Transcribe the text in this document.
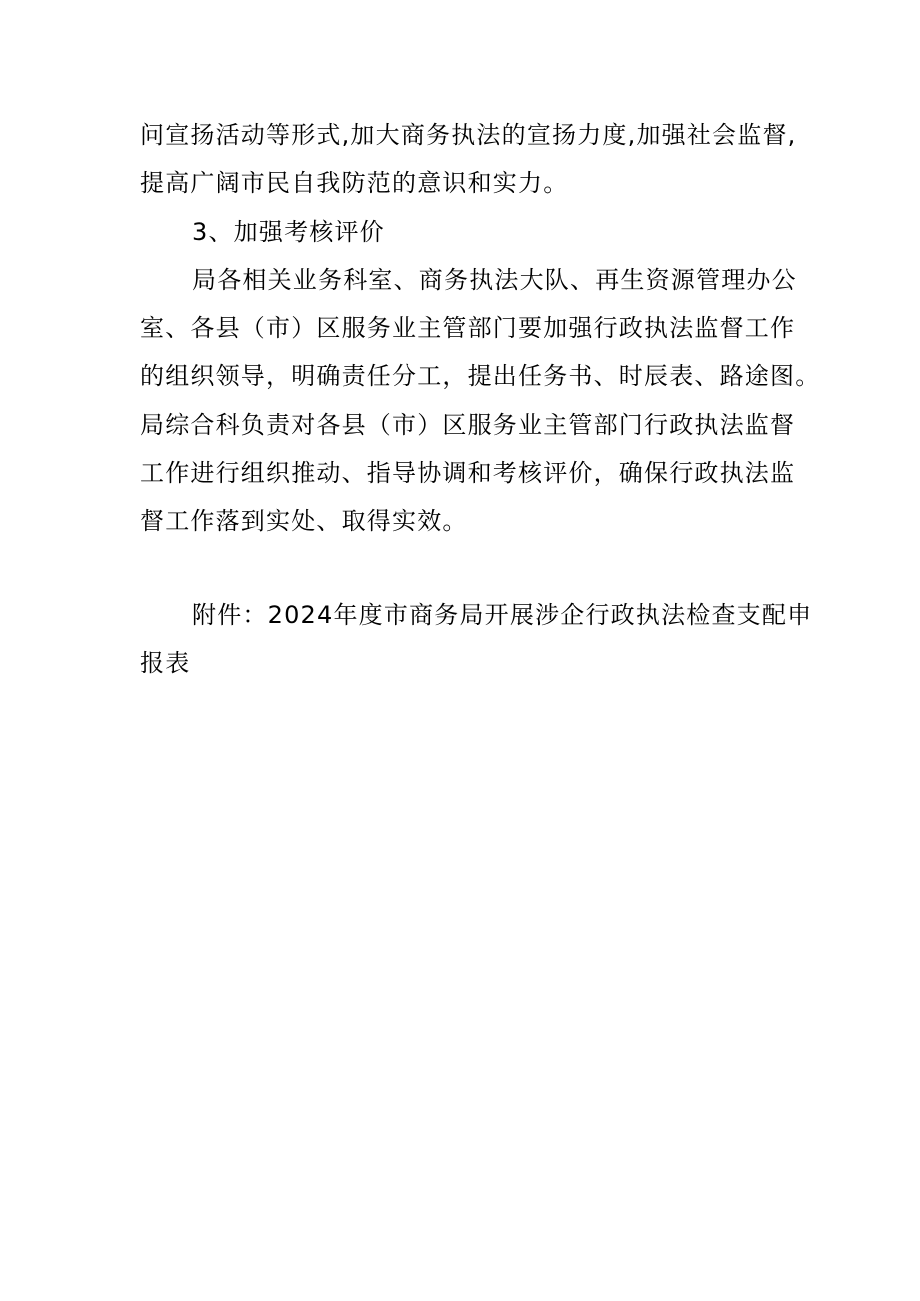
问宣扬活动等形式,加大商务执法的宣扬力度,加强社会监督,
提高广阔市民自我防范的意识和实力。
3、加强考核评价
局各相关业务科室、商务执法大队、再生资源管理办公
室、各县（市）区服务业主管部门要加强行政执法监督工作
的组织领导，明确责任分工，提出任务书、时辰表、路途图。
局综合科负责对各县（市）区服务业主管部门行政执法监督
工作进行组织推动、指导协调和考核评价，确保行政执法监
督工作落到实处、取得实效。
附件：2024年度市商务局开展涉企行政执法检查支配申
报表
